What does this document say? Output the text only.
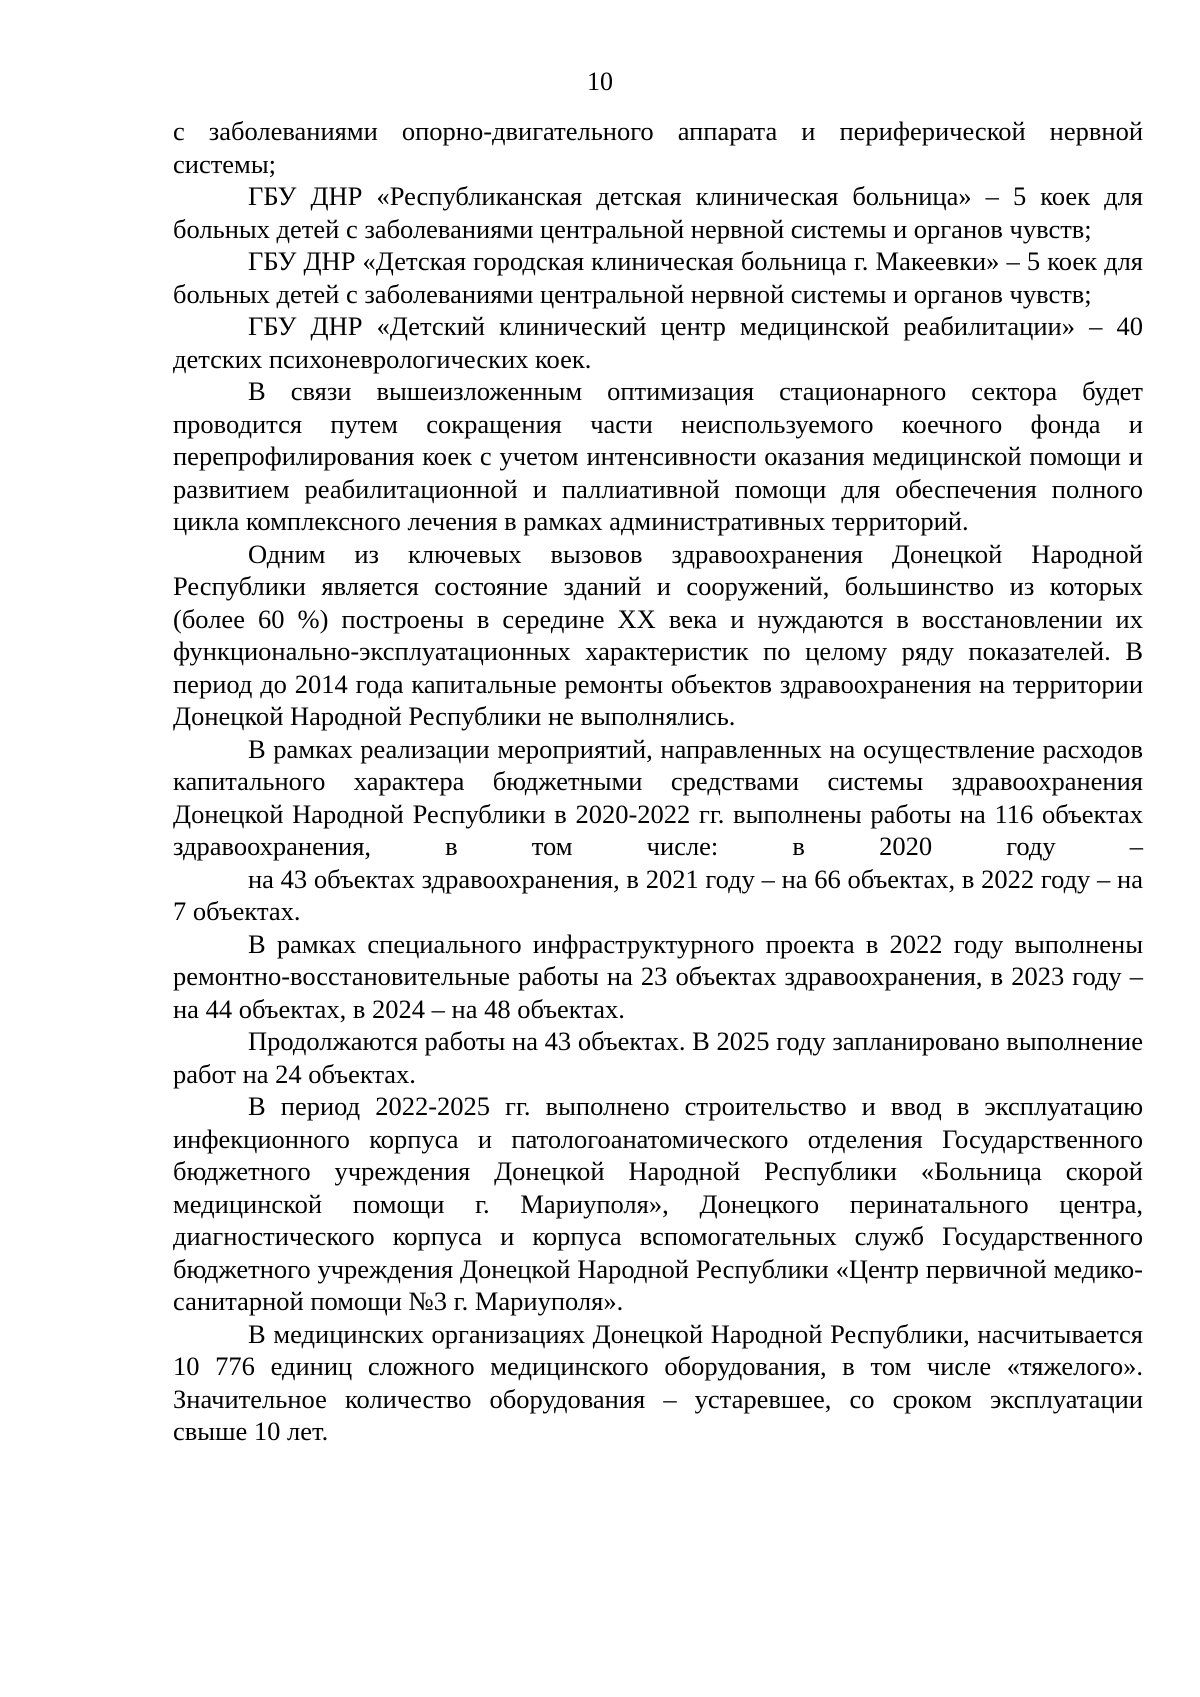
10

с заболеваниями опорно-двигательного аппарата и периферической нервной системы;

ГБУ ДНР «Республиканская детская клиническая больница» – 5 коек для больных детей с заболеваниями центральной нервной системы и органов чувств;

ГБУ ДНР «Детская городская клиническая больница г. Макеевки» – 5 коек для больных детей с заболеваниями центральной нервной системы и органов чувств;

ГБУ ДНР «Детский клинический центр медицинской реабилитации» – 40 детских психоневрологических коек.

В связи вышеизложенным оптимизация стационарного сектора будет проводится путем сокращения части неиспользуемого коечного фонда и перепрофилирования коек с учетом интенсивности оказания медицинской помощи и развитием реабилитационной и паллиативной помощи для обеспечения полного цикла комплексного лечения в рамках административных территорий.

Одним из ключевых вызовов здравоохранения Донецкой Народной Республики является состояние зданий и сооружений, большинство из которых (более 60 %) построены в середине XX века и нуждаются в восстановлении их функционально-эксплуатационных характеристик по целому ряду показателей. В период до 2014 года капитальные ремонты объектов здравоохранения на территории Донецкой Народной Республики не выполнялись.

В рамках реализации мероприятий, направленных на осуществление расходов капитального характера бюджетными средствами системы здравоохранения Донецкой Народной Республики в 2020-2022 гг. выполнены работы на 116 объектах здравоохранения, в том числе: в 2020 году –

на 43 объектах здравоохранения, в 2021 году – на 66 объектах, в 2022 году – на 7 объектах.

В рамках специального инфраструктурного проекта в 2022 году выполнены ремонтно-восстановительные работы на 23 объектах здравоохранения, в 2023 году – на 44 объектах, в 2024 – на 48 объектах.

Продолжаются работы на 43 объектах. В 2025 году запланировано выполнение работ на 24 объектах.

В период 2022-2025 гг. выполнено строительство и ввод в эксплуатацию инфекционного корпуса и патологоанатомического отделения Государственного бюджетного учреждения Донецкой Народной Республики «Больница скорой медицинской помощи г. Мариуполя», Донецкого перинатального центра, диагностического корпуса и корпуса вспомогательных служб Государственного бюджетного учреждения Донецкой Народной Республики «Центр первичной медико-санитарной помощи №3 г. Мариуполя».

В медицинских организациях Донецкой Народной Республики, насчитывается 10 776 единиц сложного медицинского оборудования, в том числе «тяжелого». Значительное количество оборудования – устаревшее, со сроком эксплуатации свыше 10 лет.
